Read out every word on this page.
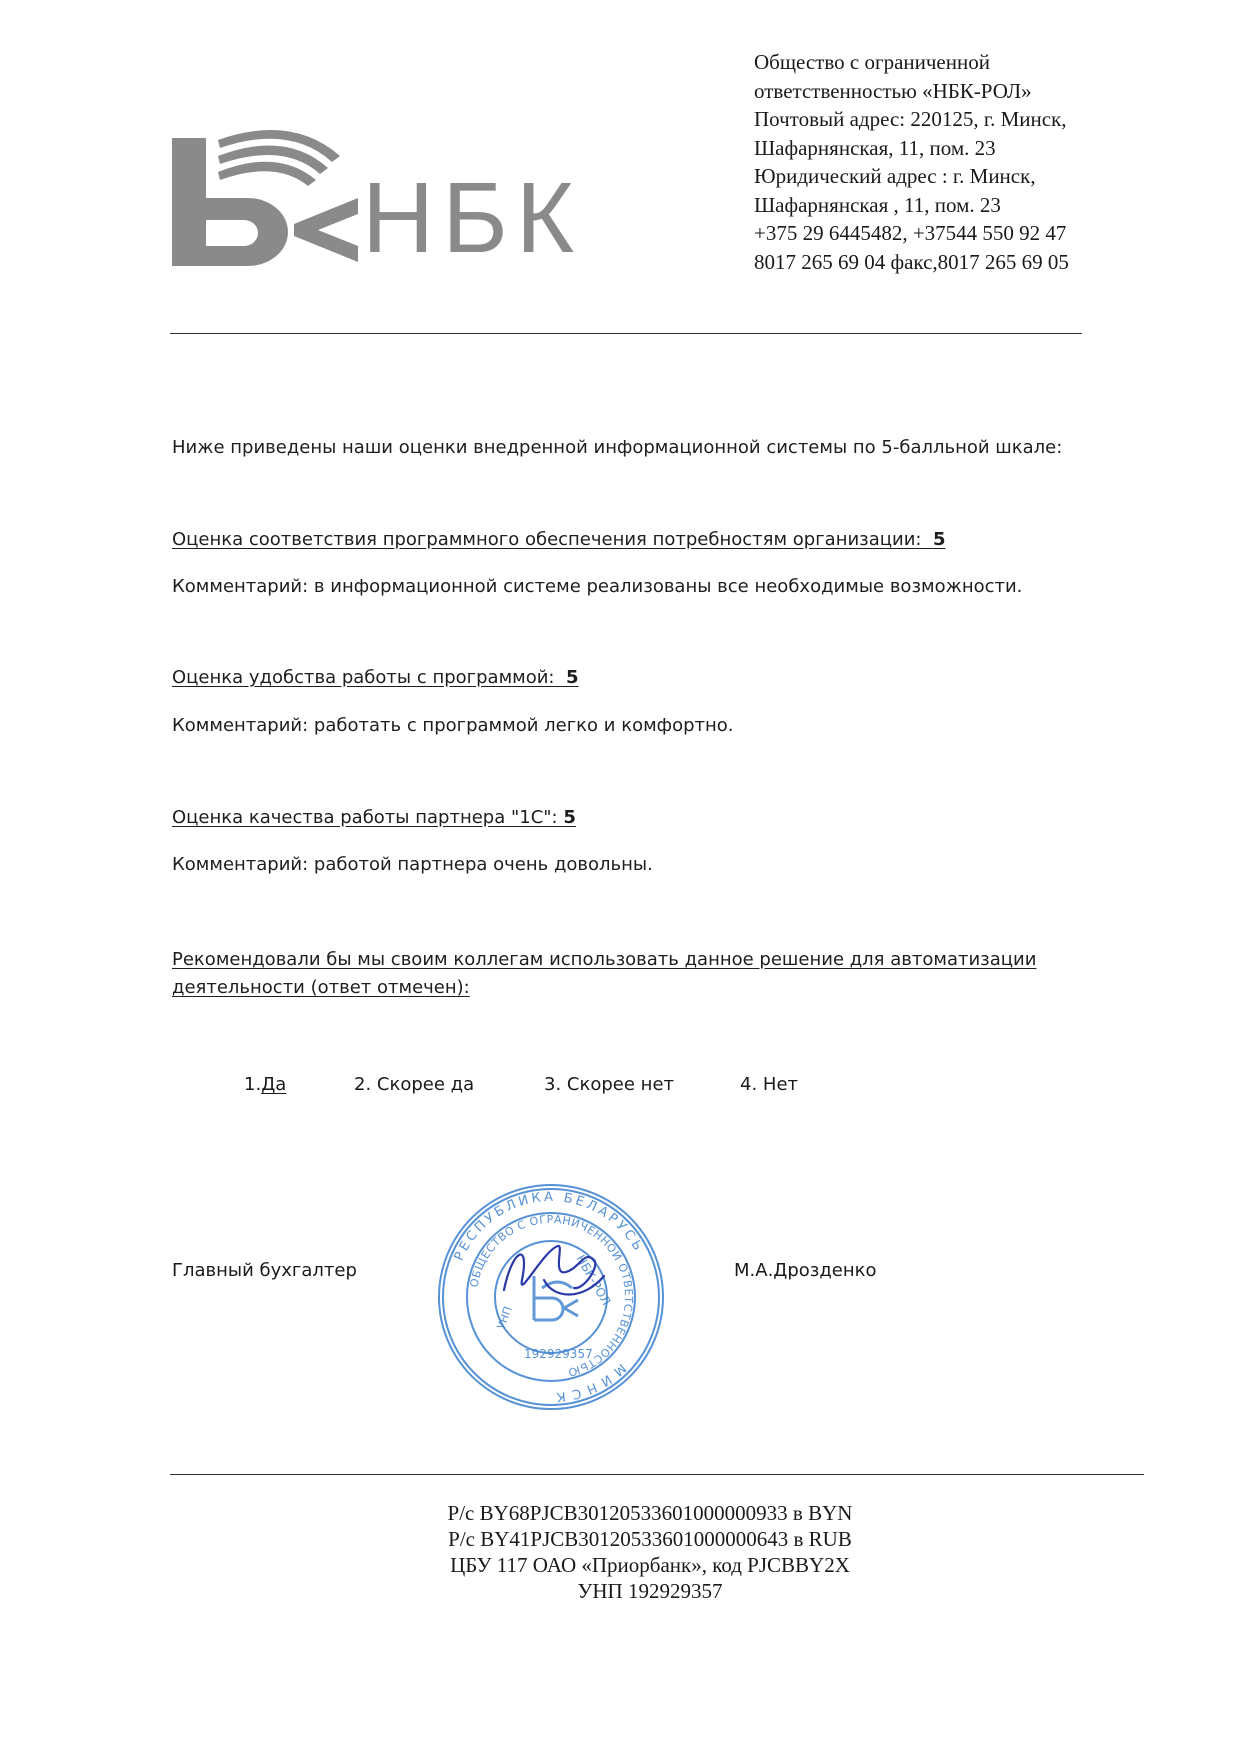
НБК
Общество с ограниченной
ответственностью «НБК-РОЛ»
Почтовый адрес: 220125, г. Минск,
Шафарнянская, 11, пом. 23
Юридический адрес : г. Минск,
Шафарнянская , 11, пом. 23
+375 29 6445482, +37544 550 92 47
8017 265 69 04 факс,8017 265 69 05
Ниже приведены наши оценки внедренной информационной системы по 5-балльной шкале:
Оценка соответствия программного обеспечения потребностям организации: 5
Комментарий: в информационной системе реализованы все необходимые возможности.
Оценка удобства работы с программой: 5
Комментарий: работать с программой легко и комфортно.
Оценка качества работы партнера "1С": 5
Комментарий: работой партнера очень довольны.
Рекомендовали бы мы своим коллегам использовать данное решение для автоматизации
деятельности (ответ отмечен):
1.Да	2. Скорее да	3. Скорее нет	4. Нет
Главный бухгалтер	М.А.Дрозденко
РЕСПУБЛИКА БЕЛАРУСЬ
МИНСК
ОБЩЕСТВО С ОГРАНИЧЕННОЙ ОТВЕТСТВЕННОСТЬЮ
192929357
УНП
НБК-РОЛ
Р/с BY68PJCB30120533601000000933 в BYN
Р/с BY41PJCB30120533601000000643 в RUB
ЦБУ 117 ОАО «Приорбанк», код PJCBBY2X
УНП 192929357
